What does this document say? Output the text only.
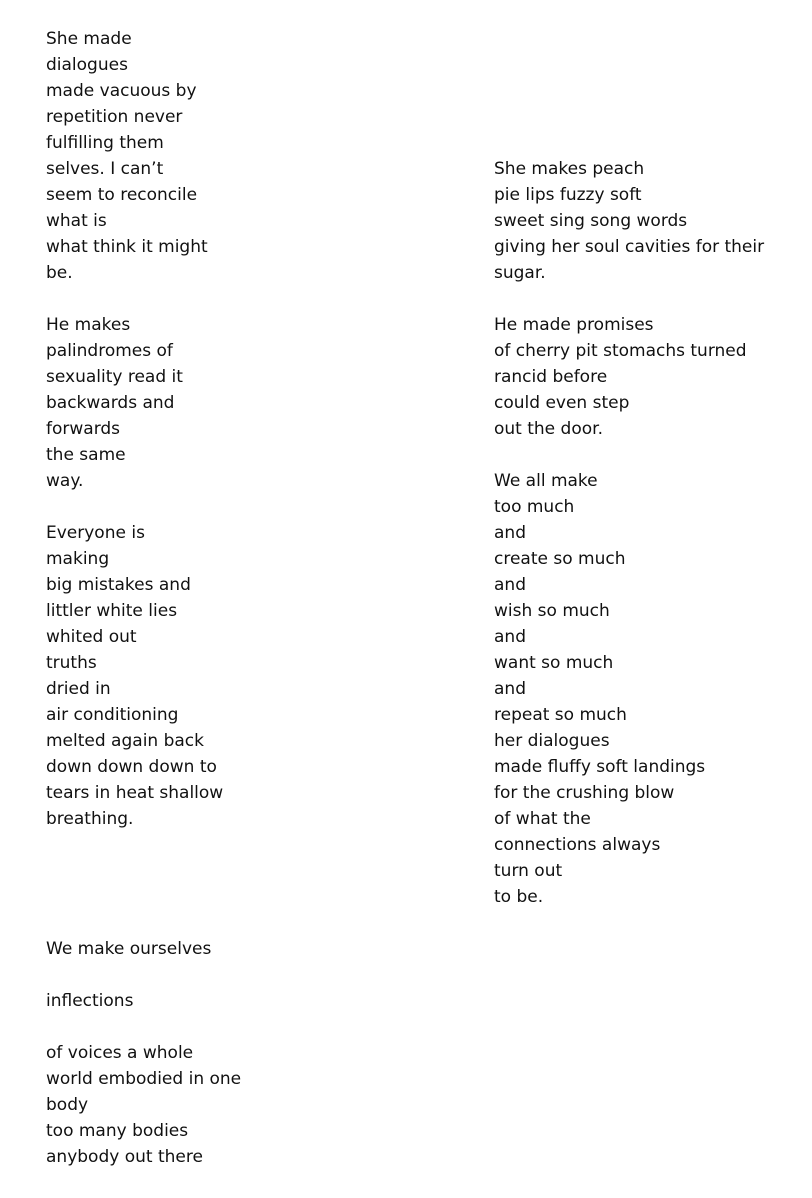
She made
dialogues
made vacuous by
repetition never
fulfilling them
selves. I can’t
seem to reconcile
what is
what think it might
be.
He makes
palindromes of
sexuality read it
backwards and
forwards
the same
way.
Everyone is
making
big mistakes and
littler white lies
whited out
truths
dried in
air conditioning
melted again back
down down down to
tears in heat shallow
breathing.
We make ourselves
inflections
of voices a whole
world embodied in one
body
too many bodies
anybody out there
She makes peach
pie lips fuzzy soft
sweet sing song words
giving her soul cavities for their
sugar.
He made promises
of cherry pit stomachs turned
rancid before
could even step
out the door.
We all make
too much
and
create so much
and
wish so much
and
want so much
and
repeat so much
her dialogues
made fluffy soft landings
for the crushing blow
of what the
connections always
turn out
to be.
